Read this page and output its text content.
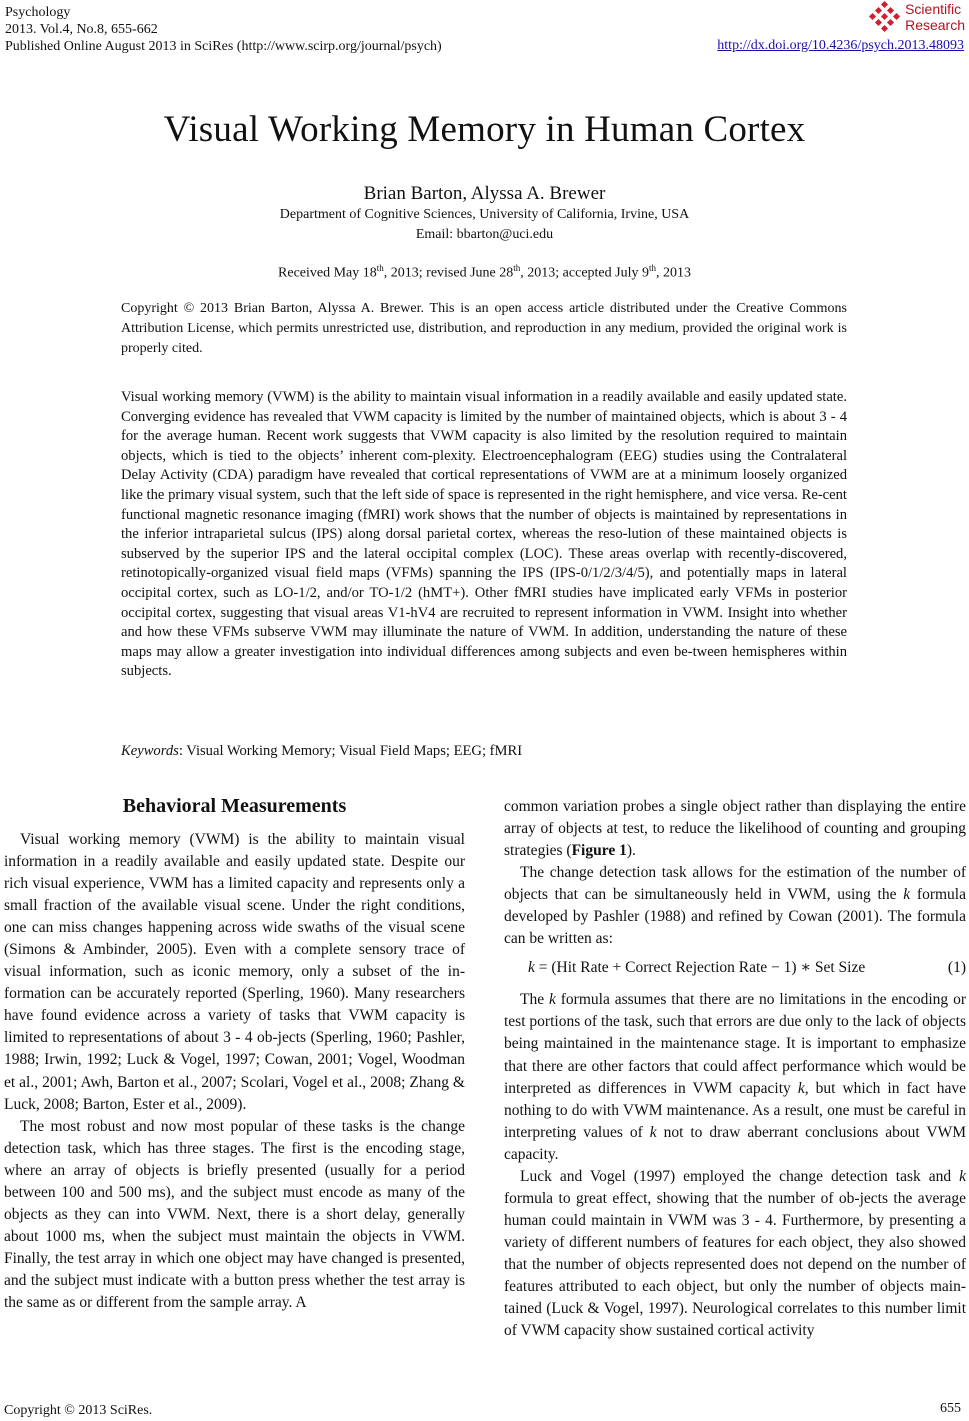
Psychology
2013. Vol.4, No.8, 655-662
Published Online August 2013 in SciRes (http://www.scirp.org/journal/psych)
Scientific
Research
http://dx.doi.org/10.4236/psych.2013.48093
Visual Working Memory in Human Cortex
Brian Barton, Alyssa A. Brewer
Department of Cognitive Sciences, University of California, Irvine, USA
Email: bbarton@uci.edu
Received May 18th, 2013; revised June 28th, 2013; accepted July 9th, 2013
Copyright © 2013 Brian Barton, Alyssa A. Brewer. This is an open access article distributed under the Creative Commons Attribution License, which permits unrestricted use, distribution, and reproduction in any medium, provided the original work is properly cited.
Visual working memory (VWM) is the ability to maintain visual information in a readily available and easily updated state. Converging evidence has revealed that VWM capacity is limited by the number of maintained objects, which is about 3 - 4 for the average human. Recent work suggests that VWM capacity is also limited by the resolution required to maintain objects, which is tied to the objects’ inherent com-plexity. Electroencephalogram (EEG) studies using the Contralateral Delay Activity (CDA) paradigm have revealed that cortical representations of VWM are at a minimum loosely organized like the primary visual system, such that the left side of space is represented in the right hemisphere, and vice versa. Re-cent functional magnetic resonance imaging (fMRI) work shows that the number of objects is maintained by representations in the inferior intraparietal sulcus (IPS) along dorsal parietal cortex, whereas the reso-lution of these maintained objects is subserved by the superior IPS and the lateral occipital complex (LOC). These areas overlap with recently-discovered, retinotopically-organized visual field maps (VFMs) spanning the IPS (IPS-0/1/2/3/4/5), and potentially maps in lateral occipital cortex, such as LO-1/2, and/or TO-1/2 (hMT+). Other fMRI studies have implicated early VFMs in posterior occipital cortex, suggesting that visual areas V1-hV4 are recruited to represent information in VWM. Insight into whether and how these VFMs subserve VWM may illuminate the nature of VWM. In addition, understanding the nature of these maps may allow a greater investigation into individual differences among subjects and even be-tween hemispheres within subjects.
Keywords: Visual Working Memory; Visual Field Maps; EEG; fMRI
Behavioral Measurements

Visual working memory (VWM) is the ability to maintain visual information in a readily available and easily updated state. Despite our rich visual experience, VWM has a limited capacity and represents only a small fraction of the available visual scene. Under the right conditions, one can miss changes happening across wide swaths of the visual scene (Simons & Ambinder, 2005). Even with a complete sensory trace of visual information, such as iconic memory, only a subset of the in-formation can be accurately reported (Sperling, 1960). Many researchers have found evidence across a variety of tasks that VWM capacity is limited to representations of about 3 - 4 ob-jects (Sperling, 1960; Pashler, 1988; Irwin, 1992; Luck & Vogel, 1997; Cowan, 2001; Vogel, Woodman et al., 2001; Awh, Barton et al., 2007; Scolari, Vogel et al., 2008; Zhang & Luck, 2008; Barton, Ester et al., 2009).

The most robust and now most popular of these tasks is the change detection task, which has three stages. The first is the encoding stage, where an array of objects is briefly presented (usually for a period between 100 and 500 ms), and the subject must encode as many of the objects as they can into VWM. Next, there is a short delay, generally about 1000 ms, when the subject must maintain the objects in VWM. Finally, the test array in which one object may have changed is presented, and the subject must indicate with a button press whether the test array is the same as or different from the sample array. A

common variation probes a single object rather than displaying the entire array of objects at test, to reduce the likelihood of counting and grouping strategies (Figure 1).

The change detection task allows for the estimation of the number of objects that can be simultaneously held in VWM, using the k formula developed by Pashler (1988) and refined by Cowan (2001). The formula can be written as:

k = (Hit Rate + Correct Rejection Rate − 1) ∗ Set Size	(1)

The k formula assumes that there are no limitations in the encoding or test portions of the task, such that errors are due only to the lack of objects being maintained in the maintenance stage. It is important to emphasize that there are other factors that could affect performance which would be interpreted as differences in VWM capacity k, but which in fact have nothing to do with VWM maintenance. As a result, one must be careful in interpreting values of k not to draw aberrant conclusions about VWM capacity.

Luck and Vogel (1997) employed the change detection task and k formula to great effect, showing that the number of ob-jects the average human could maintain in VWM was 3 - 4. Furthermore, by presenting a variety of different numbers of features for each object, they also showed that the number of objects represented does not depend on the number of features attributed to each object, but only the number of objects main-tained (Luck & Vogel, 1997). Neurological correlates to this number limit of VWM capacity show sustained cortical activity

Copyright © 2013 SciRes.	655
